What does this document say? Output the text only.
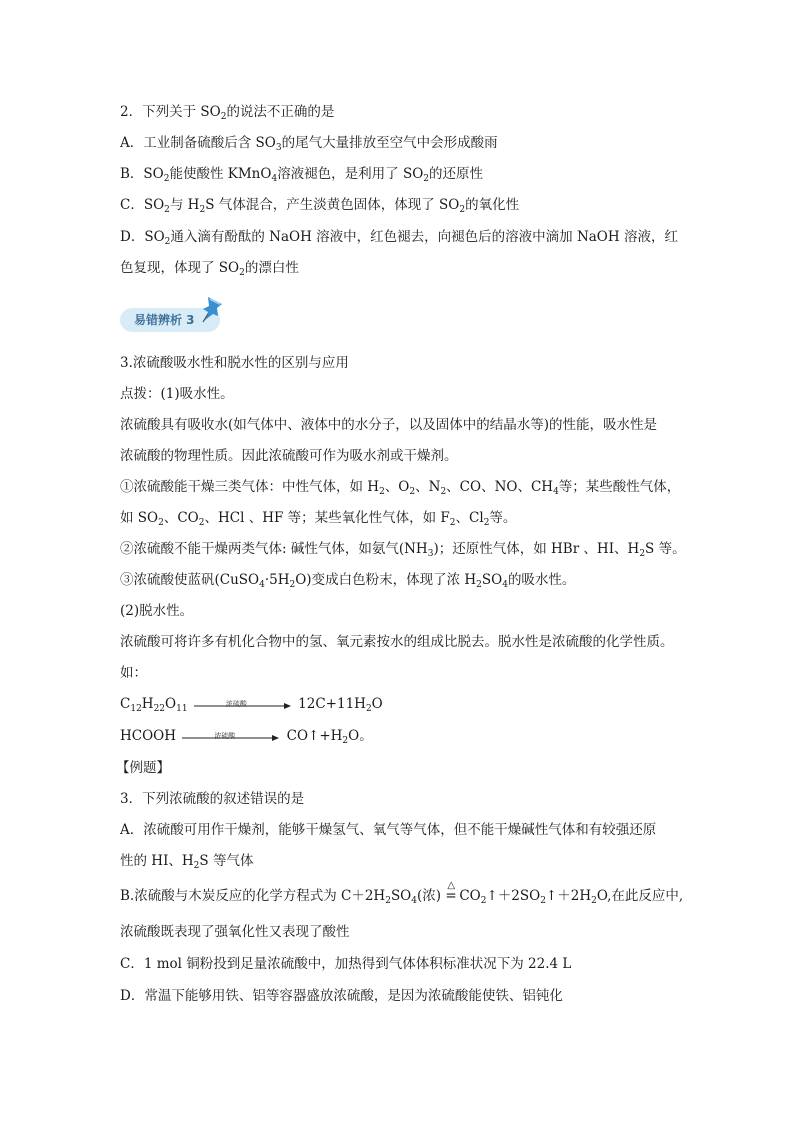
2．下列关于 $SO_2$的说法不正确的是
A．工业制备硫酸后含 $SO_3$的尾气大量排放至空气中会形成酸雨
B．$SO_2$能使酸性 KMnO$_4$溶液褪色，是利用了 $SO_2$的还原性
C．$SO_2$与 $H_2S$ 气体混合，产生淡黄色固体，体现了 $SO_2$的氧化性
D．$SO_2$通入滴有酚酞的 NaOH 溶液中，红色褪去，向褪色后的溶液中滴加 NaOH 溶液，红
色复现，体现了 $SO_2$的漂白性
易错辨析 3
3.浓硫酸吸水性和脱水性的区别与应用
点拨：(1)吸水性。
浓硫酸具有吸收水(如气体中、液体中的水分子，以及固体中的结晶水等)的性能，吸水性是
浓硫酸的物理性质。因此浓硫酸可作为吸水剂或干燥剂。
①浓硫酸能干燥三类气体：中性气体，如 $H_2$、$O_2$、$N_2$、CO、NO、$CH_4$等；某些酸性气体，
如 $SO_2$、$CO_2$、HCl 、HF 等；某些氧化性气体，如 $F_2$、$Cl_2$等。
②浓硫酸不能干燥两类气体: 碱性气体，如氨气$(NH_3)$；还原性气体，如 HBr 、HI、$H_2S$ 等。
③浓硫酸使蓝矾$(CuSO_4\cdot 5H_2O)$变成白色粉末，体现了浓 $H_2SO_4$的吸水性。
(2)脱水性。
浓硫酸可将许多有机化合物中的氢、氧元素按水的组成比脱去。脱水性是浓硫酸的化学性质。
如：
$C_{12}H_{22}O_{11}$
浓硫酸	$12C+11H_2O$
HCOOH	浓硫酸	$CO↑+H_2O$。
【例题】
3．下列浓硫酸的叙述错误的是
A．浓硫酸可用作干燥剂，能够干燥氢气、氧气等气体，但不能干燥碱性气体和有较强还原
性的 HI、$H_2S$ 等气体
B.浓硫酸与木炭反应的化学方程式为 $C+2H_2SO_4$(浓)
△
= $CO_2↑+2SO_2↑+2H_2O$,在此反应中,
浓硫酸既表现了强氧化性又表现了酸性
C．1 mol 铜粉投到足量浓硫酸中，加热得到气体体积标准状况下为 22.4 L
D．常温下能够用铁、铝等容器盛放浓硫酸，是因为浓硫酸能使铁、铝钝化
